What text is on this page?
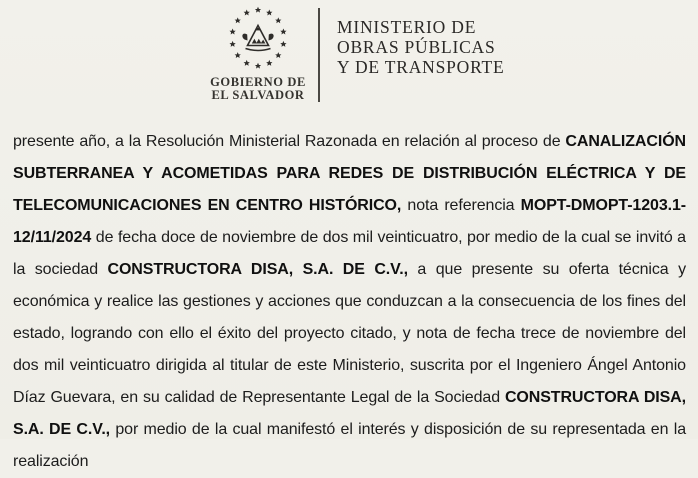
GOBIERNO DE
EL SALVADOR
MINISTERIO DE
OBRAS PÚBLICAS
Y DE TRANSPORTE

presente año, a la Resolución Ministerial Razonada en relación al proceso de CANALIZACIÓN SUBTERRANEA Y ACOMETIDAS PARA REDES DE DISTRIBUCIÓN ELÉCTRICA Y DE TELECOMUNICACIONES EN CENTRO HISTÓRICO, nota referencia MOPT-DMOPT-1203.1-12/11/2024 de fecha doce de noviembre de dos mil veinticuatro, por medio de la cual se invitó a la sociedad CONSTRUCTORA DISA, S.A. DE C.V., a que presente su oferta técnica y económica y realice las gestiones y acciones que conduzcan a la consecuencia de los fines del estado, logrando con ello el éxito del proyecto citado, y nota de fecha trece de noviembre del dos mil veinticuatro dirigida al titular de este Ministerio, suscrita por el Ingeniero Ángel Antonio Díaz Guevara, en su calidad de Representante Legal de la Sociedad CONSTRUCTORA DISA, S.A. DE C.V., por medio de la cual manifestó el interés y disposición de su representada en la realización
